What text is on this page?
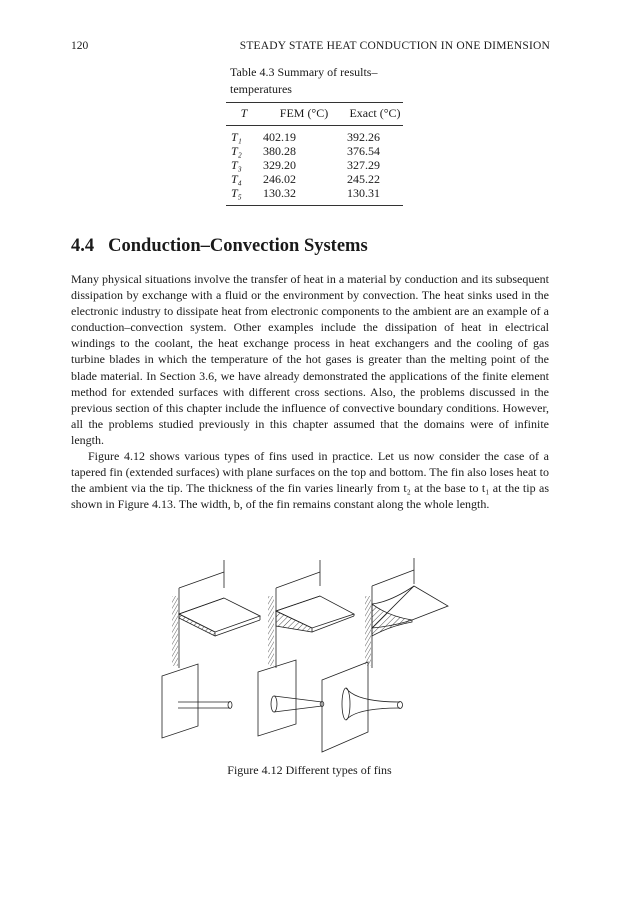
120	STEADY STATE HEAT CONDUCTION IN ONE DIMENSION
Table 4.3 Summary of results–temperatures
T	FEM (°C)	Exact (°C)
T₁	402.19	392.26
T₂	380.28	376.54
T₃	329.20	327.29
T₄	246.02	245.22
T₅	130.32	130.31
4.4 Conduction–Convection Systems

Many physical situations involve the transfer of heat in a material by conduction and its subsequent dissipation by exchange with a fluid or the environment by convection. The heat sinks used in the electronic industry to dissipate heat from electronic components to the ambient are an example of a conduction–convection system. Other examples include the dissipation of heat in electrical windings to the coolant, the heat exchange process in heat exchangers and the cooling of gas turbine blades in which the temperature of the hot gases is greater than the melting point of the blade material. In Section 3.6, we have already demonstrated the applications of the finite element method for extended surfaces with different cross sections. Also, the problems discussed in the previous section of this chapter include the influence of convective boundary conditions. However, all the problems studied previously in this chapter assumed that the domains were of infinite length.

Figure 4.12 shows various types of fins used in practice. Let us now consider the case of a tapered fin (extended surfaces) with plane surfaces on the top and bottom. The fin also loses heat to the ambient via the tip. The thickness of the fin varies linearly from t₂ at the base to t₁ at the tip as shown in Figure 4.13. The width, b, of the fin remains constant along the whole length.

Figure 4.12 Different types of fins
